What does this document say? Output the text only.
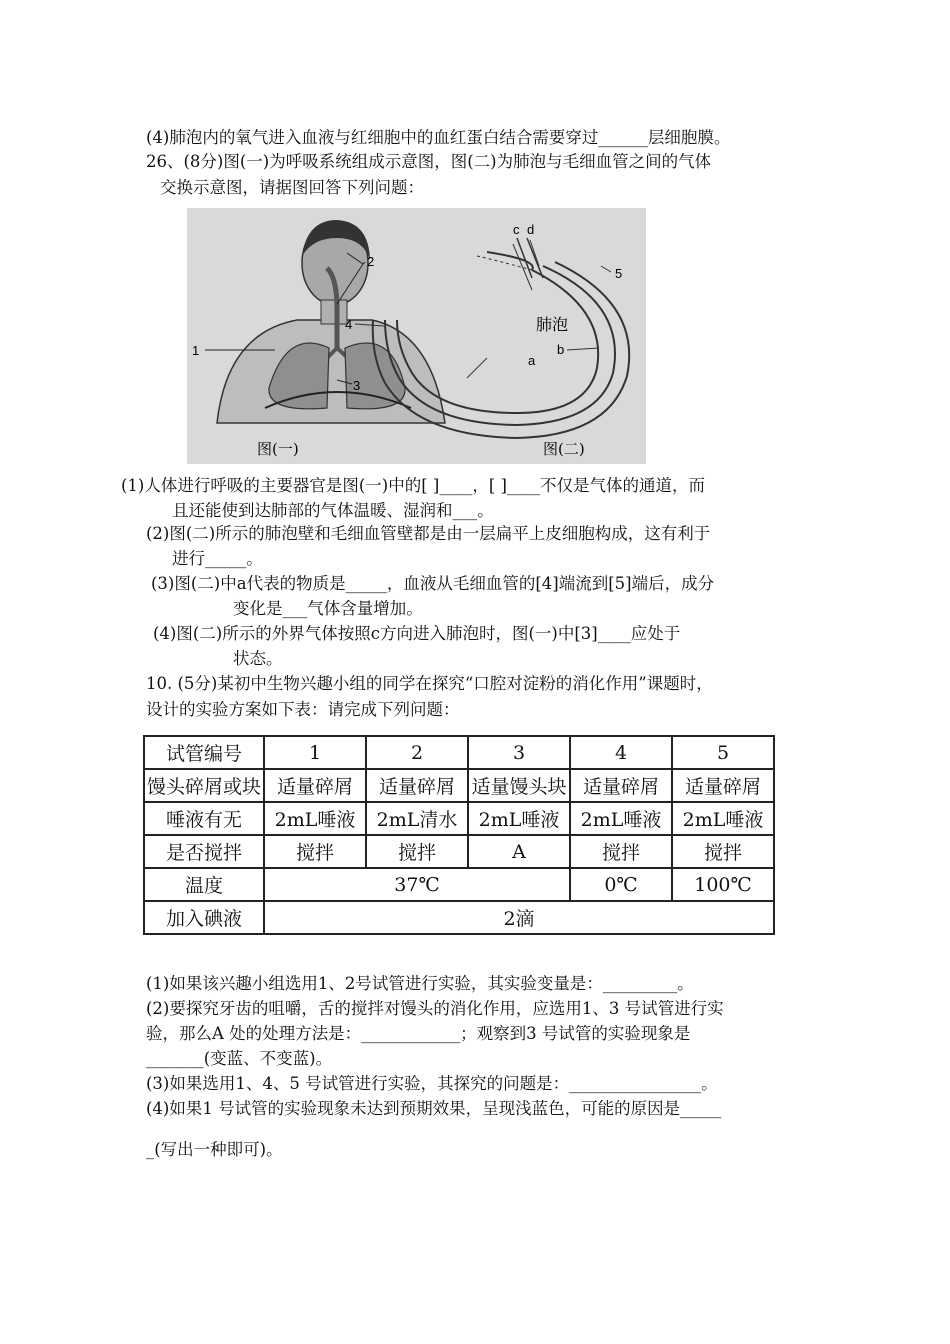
(4)肺泡内的氧气进入血液与红细胞中的血红蛋白结合需要穿过______层细胞膜。
26、(8分)图(一)为呼吸系统组成示意图，图(二)为肺泡与毛细血管之间的气体
交换示意图，请据图回答下列问题：
2
1
3
图(一)
c d
5
4	肺泡
a
b
图(二)
(1)人体进行呼吸的主要器官是图(一)中的[ ]____，[ ]____不仅是气体的通道，而
且还能使到达肺部的气体温暖、湿润和___。
(2)图(二)所示的肺泡壁和毛细血管壁都是由一层扁平上皮细胞构成，这有利于
进行_____。
(3)图(二)中a代表的物质是_____，血液从毛细血管的[4]端流到[5]端后，成分
变化是___气体含量增加。
(4)图(二)所示的外界气体按照c方向进入肺泡时，图(一)中[3]____应处于
状态。
10. (5分)某初中生物兴趣小组的同学在探究“口腔对淀粉的消化作用”课题时，
设计的实验方案如下表：请完成下列问题：
试管编号	1	2	3	4	5
馒头碎屑或块	适量碎屑	适量碎屑	适量馒头块	适量碎屑	适量碎屑
唾液有无	2mL唾液	2mL清水	2mL唾液	2mL唾液	2mL唾液
是否搅拌	搅拌	搅拌	A	搅拌	搅拌
温度	37℃			0℃	100℃
加入碘液	2滴				
(1)如果该兴趣小组选用1、2号试管进行实验，其实验变量是：_________。
(2)要探究牙齿的咀嚼，舌的搅拌对馒头的消化作用，应选用1、3 号试管进行实
验，那么A 处的处理方法是：____________；观察到3 号试管的实验现象是
_______(变蓝、不变蓝)。
(3)如果选用1、4、5 号试管进行实验，其探究的问题是：________________。
(4)如果1 号试管的实验现象未达到预期效果，呈现浅蓝色，可能的原因是_____
_(写出一种即可)。
